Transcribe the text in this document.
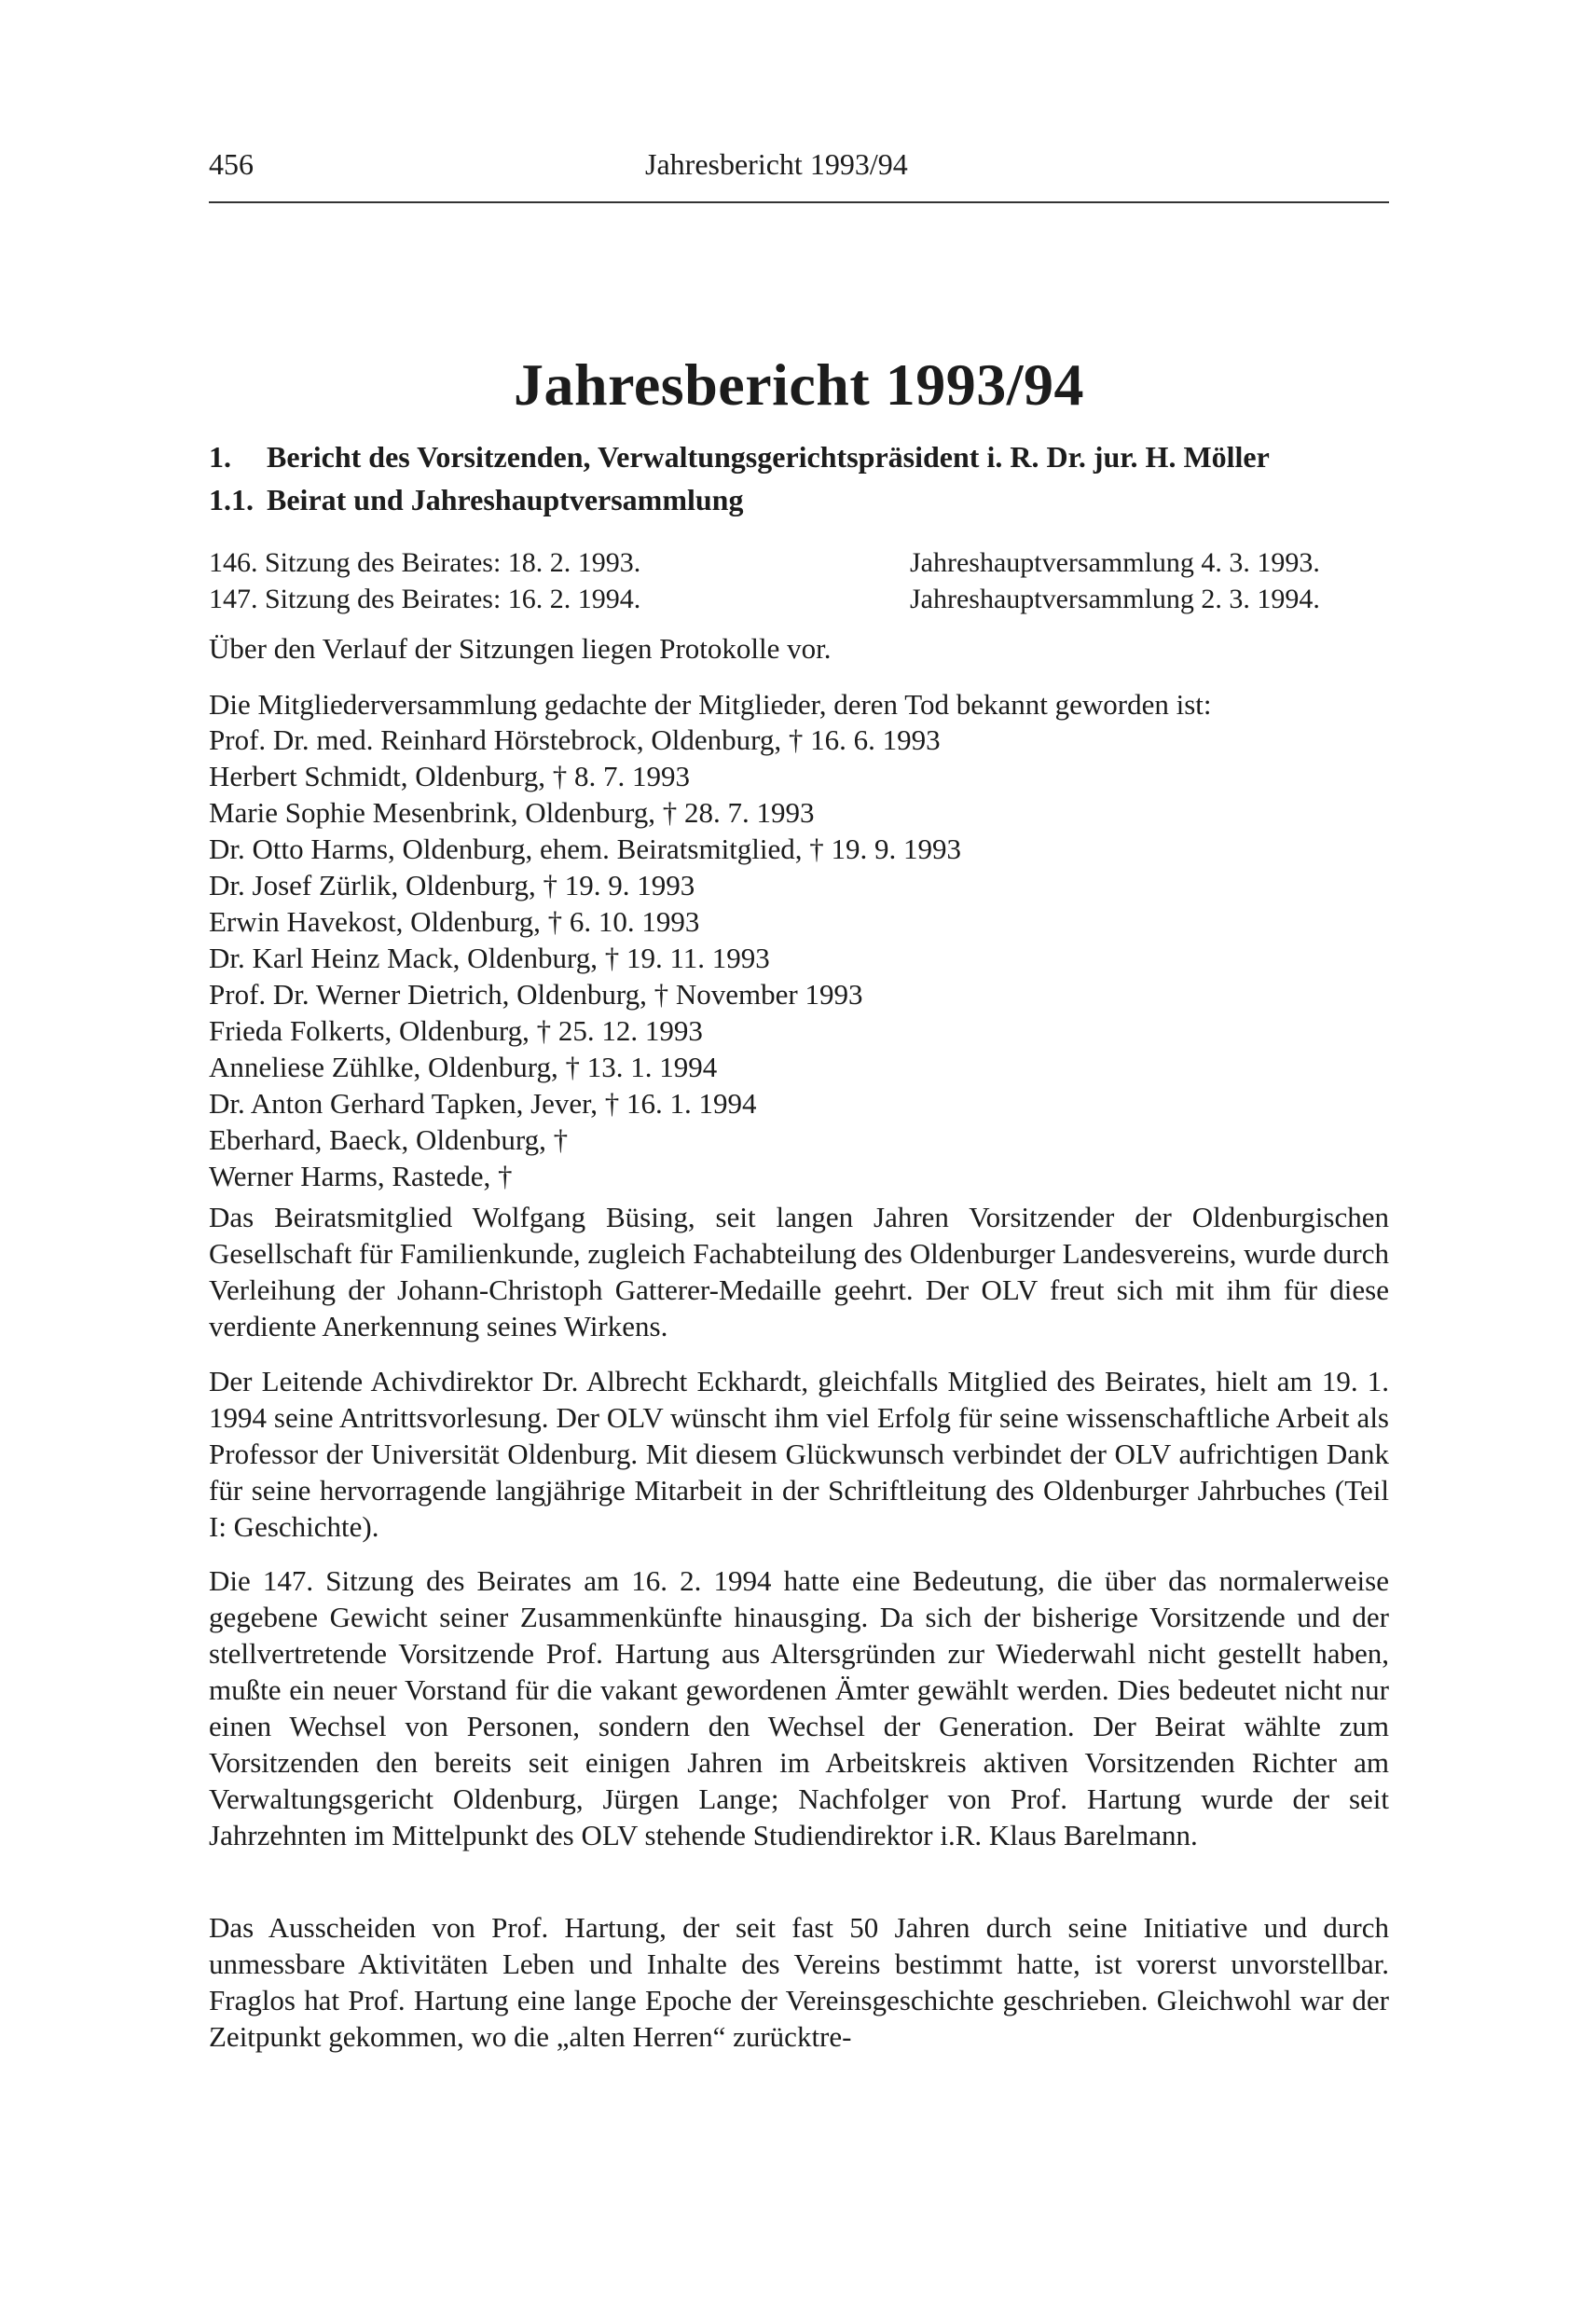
456	Jahresbericht 1993/94
Jahresbericht 1993/94
1. Bericht des Vorsitzenden, Verwaltungsgerichtspräsident i. R. Dr. jur. H. Möller
1.1. Beirat und Jahreshauptversammlung
146. Sitzung des Beirates: 18. 2. 1993.	Jahreshauptversammlung 4. 3. 1993.
147. Sitzung des Beirates: 16. 2. 1994.	Jahreshauptversammlung 2. 3. 1994.

Über den Verlauf der Sitzungen liegen Protokolle vor.

Die Mitgliederversammlung gedachte der Mitglieder, deren Tod bekannt geworden ist:

Prof. Dr. med. Reinhard Hörstebrock, Oldenburg, † 16. 6. 1993
Herbert Schmidt, Oldenburg, † 8. 7. 1993
Marie Sophie Mesenbrink, Oldenburg, † 28. 7. 1993
Dr. Otto Harms, Oldenburg, ehem. Beiratsmitglied, † 19. 9. 1993
Dr. Josef Zürlik, Oldenburg, † 19. 9. 1993
Erwin Havekost, Oldenburg, † 6. 10. 1993
Dr. Karl Heinz Mack, Oldenburg, † 19. 11. 1993
Prof. Dr. Werner Dietrich, Oldenburg, † November 1993
Frieda Folkerts, Oldenburg, † 25. 12. 1993
Anneliese Zühlke, Oldenburg, † 13. 1. 1994
Dr. Anton Gerhard Tapken, Jever, † 16. 1. 1994
Eberhard, Baeck, Oldenburg, †
Werner Harms, Rastede, †

Das Beiratsmitglied Wolfgang Büsing, seit langen Jahren Vorsitzender der Oldenburgischen Gesellschaft für Familienkunde, zugleich Fachabteilung des Oldenburger Landesvereins, wurde durch Verleihung der Johann-Christoph Gatterer-Medaille geehrt. Der OLV freut sich mit ihm für diese verdiente Anerkennung seines Wirkens.

Der Leitende Achivdirektor Dr. Albrecht Eckhardt, gleichfalls Mitglied des Beirates, hielt am 19. 1. 1994 seine Antrittsvorlesung. Der OLV wünscht ihm viel Erfolg für seine wissenschaftliche Arbeit als Professor der Universität Oldenburg. Mit diesem Glückwunsch verbindet der OLV aufrichtigen Dank für seine hervorragende langjährige Mitarbeit in der Schriftleitung des Oldenburger Jahrbuches (Teil I: Geschichte).

Die 147. Sitzung des Beirates am 16. 2. 1994 hatte eine Bedeutung, die über das normalerweise gegebene Gewicht seiner Zusammenkünfte hinausging. Da sich der bisherige Vorsitzende und der stellvertretende Vorsitzende Prof. Hartung aus Altersgründen zur Wiederwahl nicht gestellt haben, mußte ein neuer Vorstand für die vakant gewordenen Ämter gewählt werden. Dies bedeutet nicht nur einen Wechsel von Personen, sondern den Wechsel der Generation. Der Beirat wählte zum Vorsitzenden den bereits seit einigen Jahren im Arbeitskreis aktiven Vorsitzenden Richter am Verwaltungsgericht Oldenburg, Jürgen Lange; Nachfolger von Prof. Hartung wurde der seit Jahrzehnten im Mittelpunkt des OLV stehende Studiendirektor i.R. Klaus Barelmann.

Das Ausscheiden von Prof. Hartung, der seit fast 50 Jahren durch seine Initiative und durch unmessbare Aktivitäten Leben und Inhalte des Vereins bestimmt hatte, ist vorerst unvorstellbar. Fraglos hat Prof. Hartung eine lange Epoche der Vereinsgeschichte geschrieben. Gleichwohl war der Zeitpunkt gekommen, wo die „alten Herren“ zurücktre-
